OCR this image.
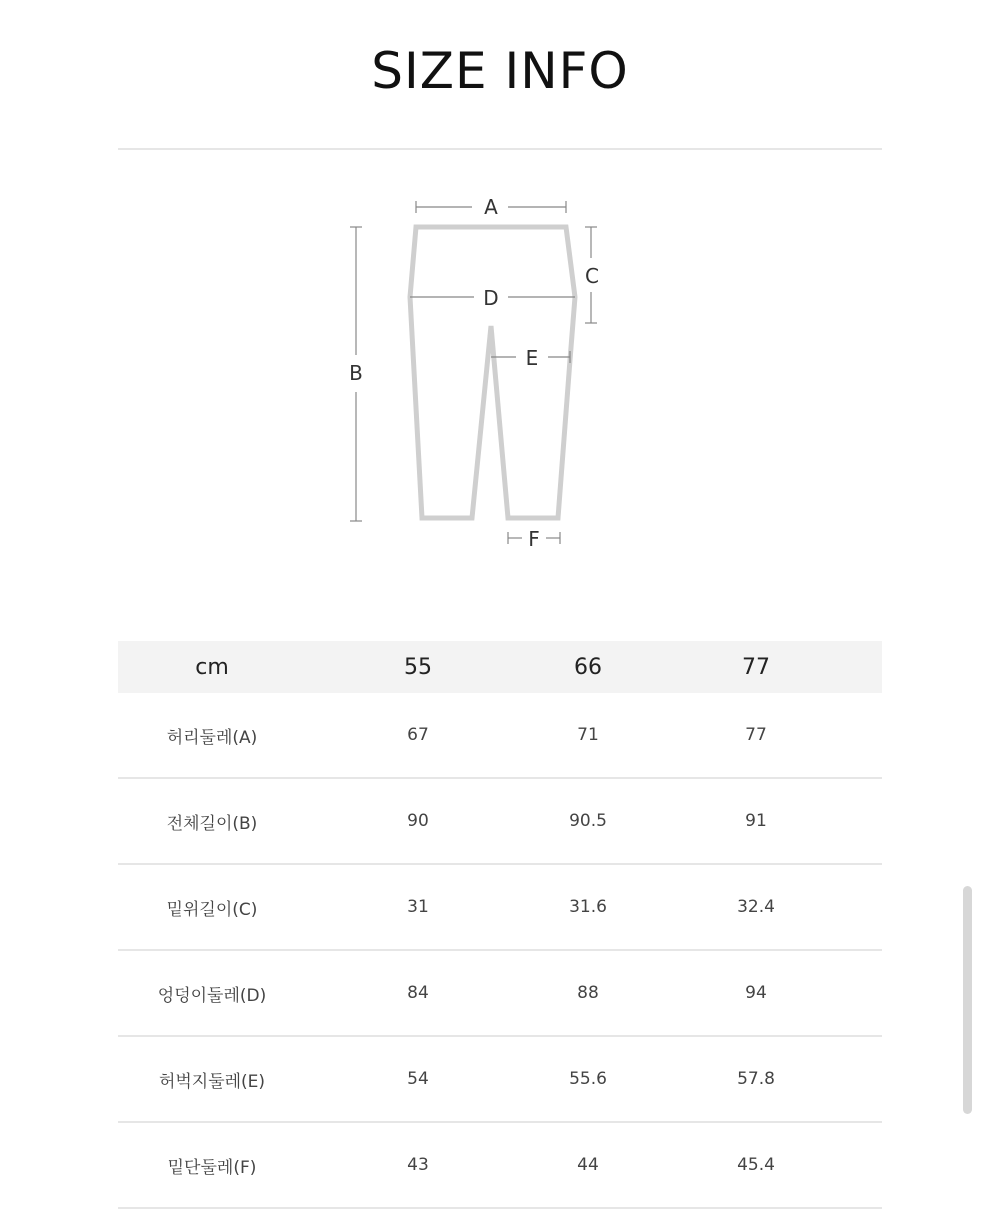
SIZE INFO
A
B
C
D
E
F
cm	55	66	77
허리둘레(A)	67	71	77
전체길이(B)	90	90.5	91
밑위길이(C)	31	31.6	32.4
엉덩이둘레(D)	84	88	94
허벅지둘레(E)	54	55.6	57.8
밑단둘레(F)	43	44	45.4
